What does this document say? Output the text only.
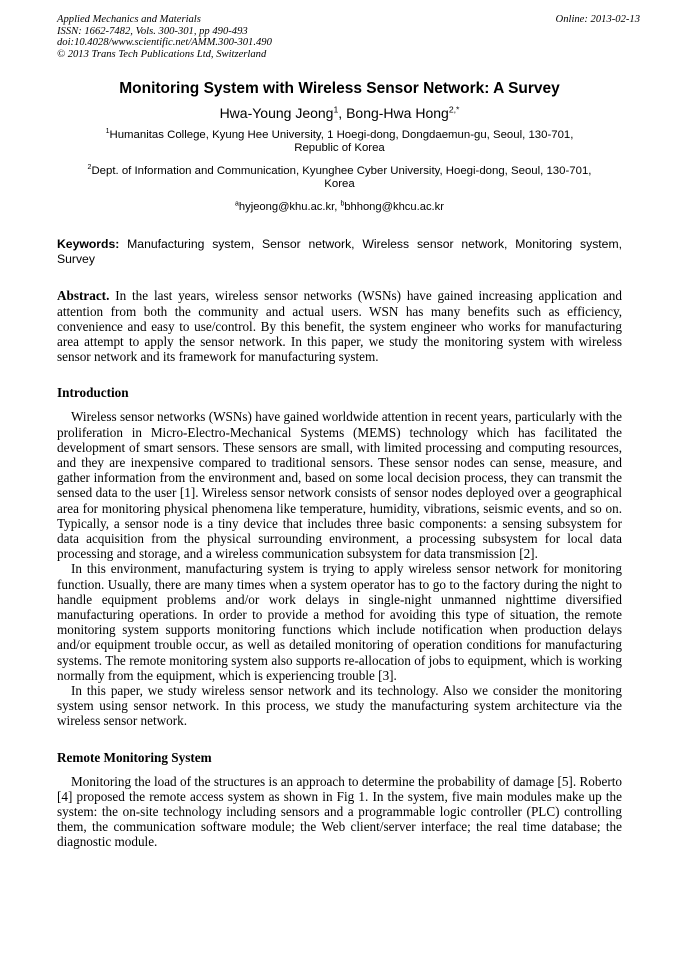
Applied Mechanics and Materials
ISSN: 1662-7482, Vols. 300-301, pp 490-493
doi:10.4028/www.scientific.net/AMM.300-301.490
© 2013 Trans Tech Publications Ltd, Switzerland
Online: 2013-02-13
Monitoring System with Wireless Sensor Network: A Survey
Hwa-Young Jeong$^1$, Bong-Hwa Hong$^{2,*}$
$^1$Humanitas College, Kyung Hee University, 1 Hoegi-dong, Dongdaemun-gu, Seoul, 130-701, Republic of Korea
$^2$Dept. of Information and Communication, Kyunghee Cyber University, Hoegi-dong, Seoul, 130-701, Korea
$^a$hyjeong@khu.ac.kr, $^b$bhhong@khcu.ac.kr

Keywords: Manufacturing system, Sensor network, Wireless sensor network, Monitoring system, Survey

Abstract. In the last years, wireless sensor networks (WSNs) have gained increasing application and attention from both the community and actual users. WSN has many benefits such as efficiency, convenience and easy to use/control. By this benefit, the system engineer who works for manufacturing area attempt to apply the sensor network. In this paper, we study the monitoring system with wireless sensor network and its framework for manufacturing system.

Introduction

Wireless sensor networks (WSNs) have gained worldwide attention in recent years, particularly with the proliferation in Micro-Electro-Mechanical Systems (MEMS) technology which has facilitated the development of smart sensors. These sensors are small, with limited processing and computing resources, and they are inexpensive compared to traditional sensors. These sensor nodes can sense, measure, and gather information from the environment and, based on some local decision process, they can transmit the sensed data to the user [1]. Wireless sensor network consists of sensor nodes deployed over a geographical area for monitoring physical phenomena like temperature, humidity, vibrations, seismic events, and so on. Typically, a sensor node is a tiny device that includes three basic components: a sensing subsystem for data acquisition from the physical surrounding environment, a processing subsystem for local data processing and storage, and a wireless communication subsystem for data transmission [2].

In this environment, manufacturing system is trying to apply wireless sensor network for monitoring function. Usually, there are many times when a system operator has to go to the factory during the night to handle equipment problems and/or work delays in single-night unmanned nighttime diversified manufacturing operations. In order to provide a method for avoiding this type of situation, the remote monitoring system supports monitoring functions which include notification when production delays and/or equipment trouble occur, as well as detailed monitoring of operation conditions for manufacturing systems. The remote monitoring system also supports re-allocation of jobs to equipment, which is working normally from the equipment, which is experiencing trouble [3].

In this paper, we study wireless sensor network and its technology. Also we consider the monitoring system using sensor network. In this process, we study the manufacturing system architecture via the wireless sensor network.

Remote Monitoring System

Monitoring the load of the structures is an approach to determine the probability of damage [5]. Roberto [4] proposed the remote access system as shown in Fig 1. In the system, five main modules make up the system: the on-site technology including sensors and a programmable logic controller (PLC) controlling them, the communication software module; the Web client/server interface; the real time database; the diagnostic module.
